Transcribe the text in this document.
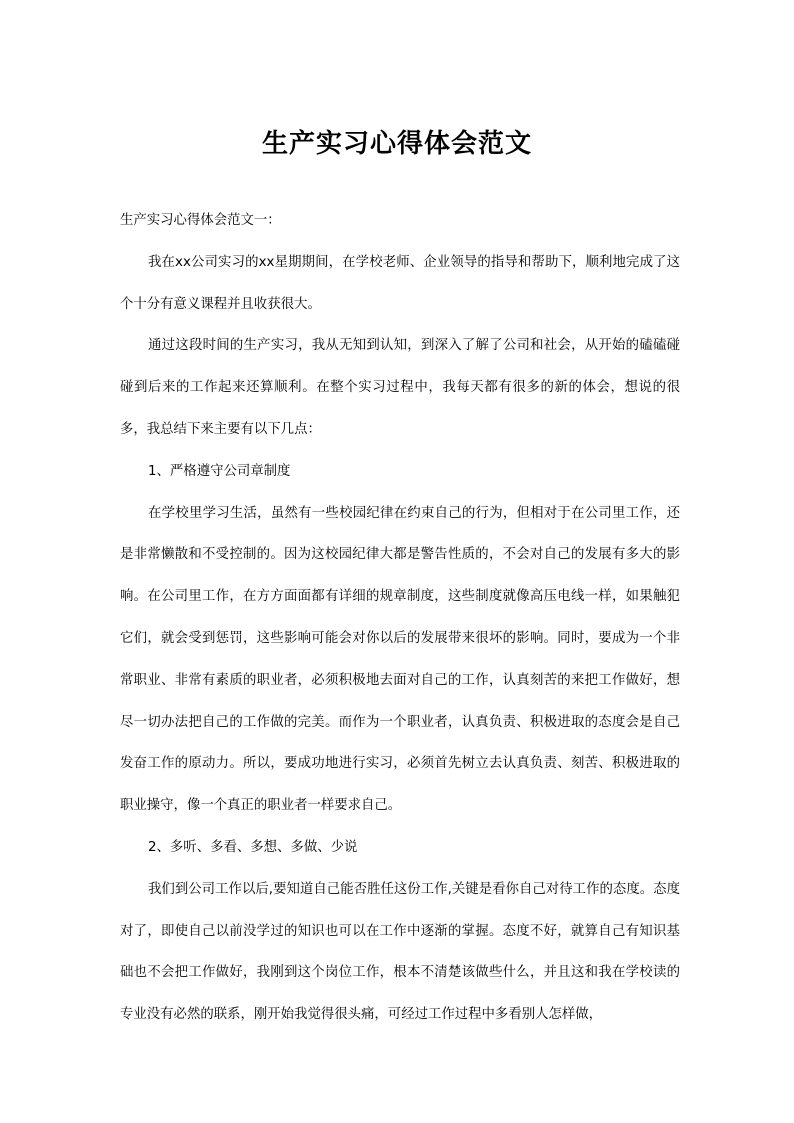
生产实习心得体会范文

生产实习心得体会范文一：

我在xx公司实习的xx星期期间，在学校老师、企业领导的指导和帮助下，顺利地完成了这个十分有意义课程并且收获很大。

通过这段时间的生产实习，我从无知到认知，到深入了解了公司和社会，从开始的磕磕碰碰到后来的工作起来还算顺利。在整个实习过程中，我每天都有很多的新的体会，想说的很多，我总结下来主要有以下几点：

1、严格遵守公司章制度

在学校里学习生活，虽然有一些校园纪律在约束自己的行为，但相对于在公司里工作，还是非常懒散和不受控制的。因为这校园纪律大都是警告性质的，不会对自己的发展有多大的影响。在公司里工作，在方方面面都有详细的规章制度，这些制度就像高压电线一样，如果触犯它们，就会受到惩罚，这些影响可能会对你以后的发展带来很坏的影响。同时，要成为一个非常职业、非常有素质的职业者，必须积极地去面对自己的工作，认真刻苦的来把工作做好，想尽一切办法把自己的工作做的完美。而作为一个职业者，认真负责、积极进取的态度会是自己发奋工作的原动力。所以，要成功地进行实习，必须首先树立去认真负责、刻苦、积极进取的职业操守，像一个真正的职业者一样要求自己。

2、多听、多看、多想、多做、少说

我们到公司工作以后,要知道自己能否胜任这份工作,关键是看你自己对待工作的态度。态度对了，即使自己以前没学过的知识也可以在工作中逐渐的掌握。态度不好，就算自己有知识基础也不会把工作做好，我刚到这个岗位工作，根本不清楚该做些什么，并且这和我在学校读的专业没有必然的联系，刚开始我觉得很头痛，可经过工作过程中多看别人怎样做，
